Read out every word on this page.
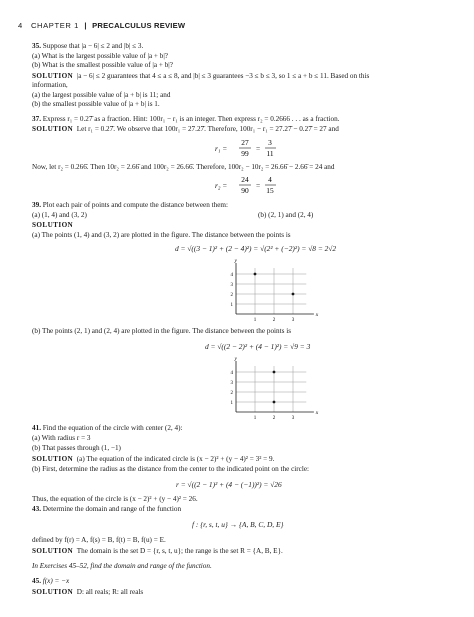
4 CHAPTER 1 | PRECALCULUS REVIEW
35. Suppose that |a − 6| ≤ 2 and |b| ≤ 3.
(a) What is the largest possible value of |a + b|?
(b) What is the smallest possible value of |a + b|?
SOLUTION |a − 6| ≤ 2 guarantees that 4 ≤ a ≤ 8, and |b| ≤ 3 guarantees −3 ≤ b ≤ 3, so 1 ≤ a + b ≤ 11. Based on this
information,
(a) the largest possible value of |a + b| is 11; and
(b) the smallest possible value of |a + b| is 1.
37. Express r₁ = 0.27̄ as a fraction. Hint: 100r₁ − r₁ is an integer. Then express r₂ = 0.2666 . . . as a fraction.
SOLUTION Let r₁ = 0.27̄. We observe that 100r₁ = 27.27̄. Therefore, 100r₁ − r₁ = 27.27̄ − 0.27̄ = 27 and
r₁ =
27
99
=
3
11
Now, let r₂ = 0.266̄. Then 10r₂ = 2.66̄ and 100r₂ = 26.66̄. Therefore, 100r₂ − 10r₂ = 26.66̄ − 2.66̄ = 24 and
r₂ =
24
90
=
4
15
39. Plot each pair of points and compute the distance between them:
(a) (1, 4) and (3, 2)	(b) (2, 1) and (2, 4)
SOLUTION
(a) The points (1, 4) and (3, 2) are plotted in the figure. The distance between the points is
d = √((3 − 1)² + (2 − 4)²) = √(2² + (−2)²) = √8 = 2√2
x
y
1	2	3
1
2
3
4
(b) The points (2, 1) and (2, 4) are plotted in the figure. The distance between the points is
d = √((2 − 2)² + (4 − 1)²) = √9 = 3
x
y
1	2	3
1
2
3
4
41. Find the equation of the circle with center (2, 4):
(a) With radius r = 3
(b) That passes through (1, −1)
SOLUTION (a) The equation of the indicated circle is (x − 2)² + (y − 4)² = 3² = 9.
(b) First, determine the radius as the distance from the center to the indicated point on the circle:
r = √((2 − 1)² + (4 − (−1))²) = √26
Thus, the equation of the circle is (x − 2)² + (y − 4)² = 26.
43. Determine the domain and range of the function
f : {r, s, t, u} → {A, B, C, D, E}
defined by f(r) = A, f(s) = B, f(t) = B, f(u) = E.
SOLUTION The domain is the set D = {r, s, t, u}; the range is the set R = {A, B, E}.
In Exercises 45–52, find the domain and range of the function.
45. f(x) = −x
SOLUTION D: all reals; R: all reals
